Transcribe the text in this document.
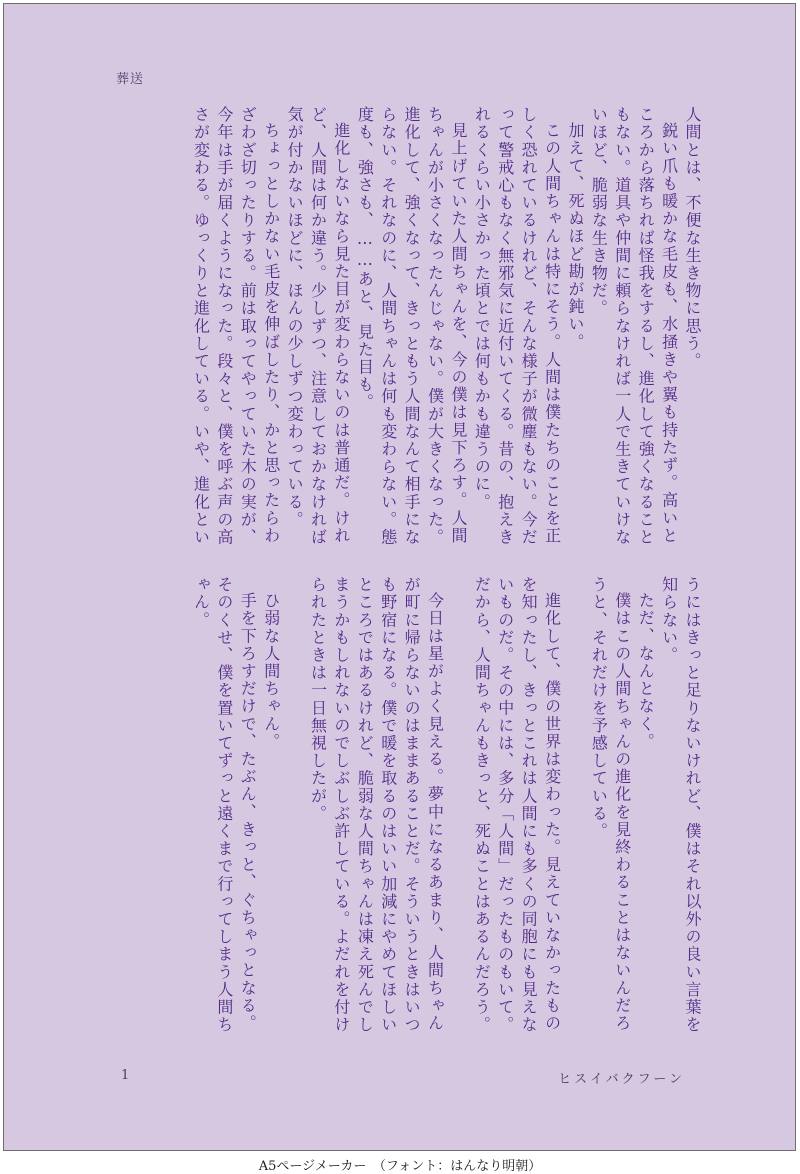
葬送

人間とは、不便な生き物に思う。

鋭い爪も暖かな毛皮も、水掻きや翼も持たず。高いところから落ちれば怪我をするし、進化して強くなることもない。道具や仲間に頼らなければ一人で生きていけないほど、脆弱な生き物だ。

加えて、死ぬほど勘が鈍い。

この人間ちゃんは特にそう。人間は僕たちのことを正しく恐れているけれど、そんな様子が微塵もない。今だって警戒心もなく無邪気に近付いてくる。昔の、抱えきれるくらい小さかった頃とでは何もかも違うのに。

見上げていた人間ちゃんを、今の僕は見下ろす。人間ちゃんが小さくなったんじゃない。僕が大きくなった。進化して、強くなって、きっともう人間なんて相手にならない。それなのに、人間ちゃんは何も変わらない。態度も、強さも、……あと、見た目も。

進化しないなら見た目が変わらないのは普通だ。けれど、人間は何か違う。少しずつ、注意しておかなければ気が付かないほどに、ほんの少しずつ変わっている。

ちょっとしかない毛皮を伸ばしたり、かと思ったらわざわざ切ったりする。前は取ってやっていた木の実が、今年は手が届くようになった。段々と、僕を呼ぶ声の高さが変わる。ゆっくりと進化している。いや、進化とい

うにはきっと足りないけれど、僕はそれ以外の良い言葉を知らない。

ただ、なんとなく。

僕はこの人間ちゃんの進化を見終わることはないんだろうと、それだけを予感している。

進化して、僕の世界は変わった。見えていなかったものを知ったし、きっとこれは人間にも多くの同胞にも見えないものだ。その中には、多分「人間」だったものもいて。だから、人間ちゃんもきっと、死ぬことはあるんだろう。

今日は星がよく見える。夢中になるあまり、人間ちゃんが町に帰らないのはままあることだ。そういうときはいつも野宿になる。僕で暖を取るのはいい加減にやめてほしいところではあるけれど、脆弱な人間ちゃんは凍え死んでしまうかもしれないのでしぶしぶ許している。よだれを付けられたときは一日無視したが。

ひ弱な人間ちゃん。

手を下ろすだけで、たぶん、きっと、ぐちゃっとなる。そのくせ、僕を置いてずっと遠くまで行ってしまう人間ちゃん。

1	ヒスイバクフーン
A5ページメーカー　（フォント：はんなり明朝）
